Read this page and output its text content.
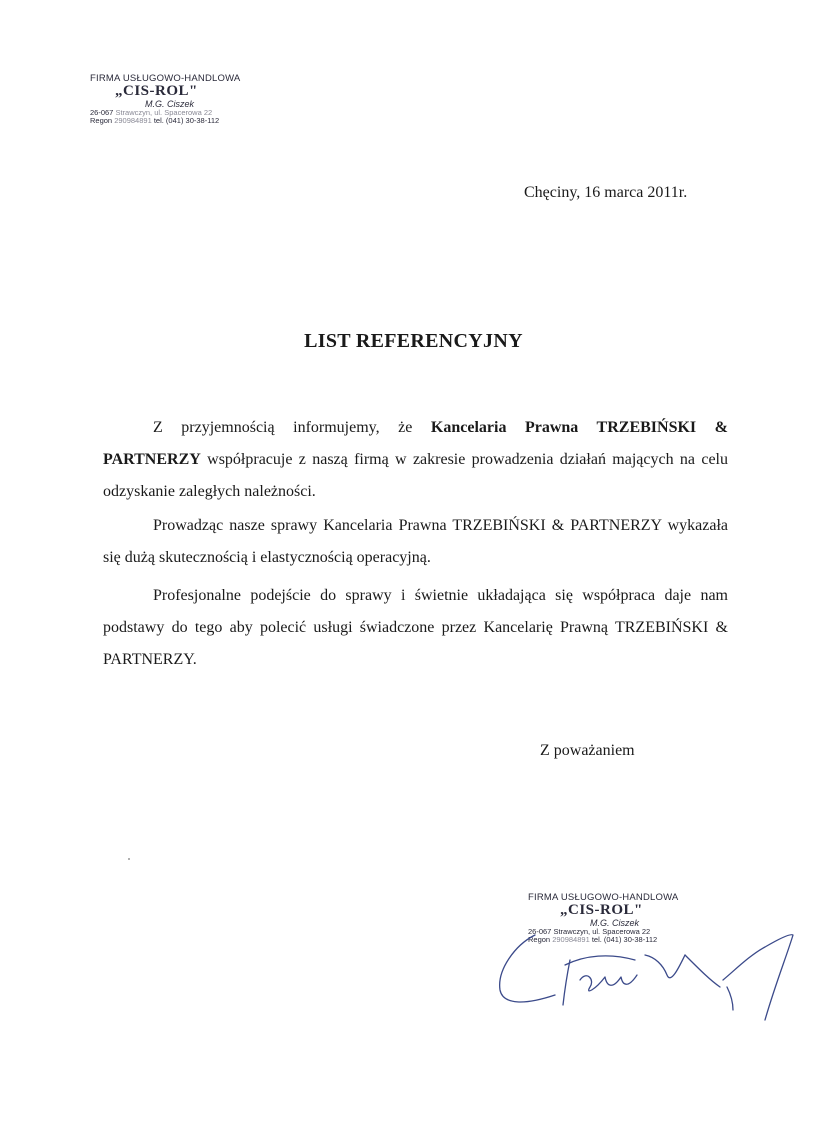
FIRMA USŁUGOWO-HANDLOWA
„CIS-ROL"
M.G. Ciszek
26-067 Strawczyn, ul. Spacerowa 22
Regon 290984891 tel. (041) 30-38-112
Chęciny, 16 marca 2011r.
LIST REFERENCYJNY

Z przyjemnością informujemy, że Kancelaria Prawna TRZEBIŃSKI & PARTNERZY współpracuje z naszą firmą w zakresie prowadzenia działań mających na celu odzyskanie zaległych należności.

Prowadząc nasze sprawy Kancelaria Prawna TRZEBIŃSKI & PARTNERZY wykazała się dużą skutecznością i elastycznością operacyjną.

Profesjonalne podejście do sprawy i świetnie układająca się współpraca daje nam podstawy do tego aby polecić usługi świadczone przez Kancelarię Prawną TRZEBIŃSKI & PARTNERZY.

Z poważaniem
FIRMA USŁUGOWO-HANDLOWA
„CIS-ROL"
M.G. Ciszek
26-067 Strawczyn, ul. Spacerowa 22
Regon 290984891 tel. (041) 30-38-112
